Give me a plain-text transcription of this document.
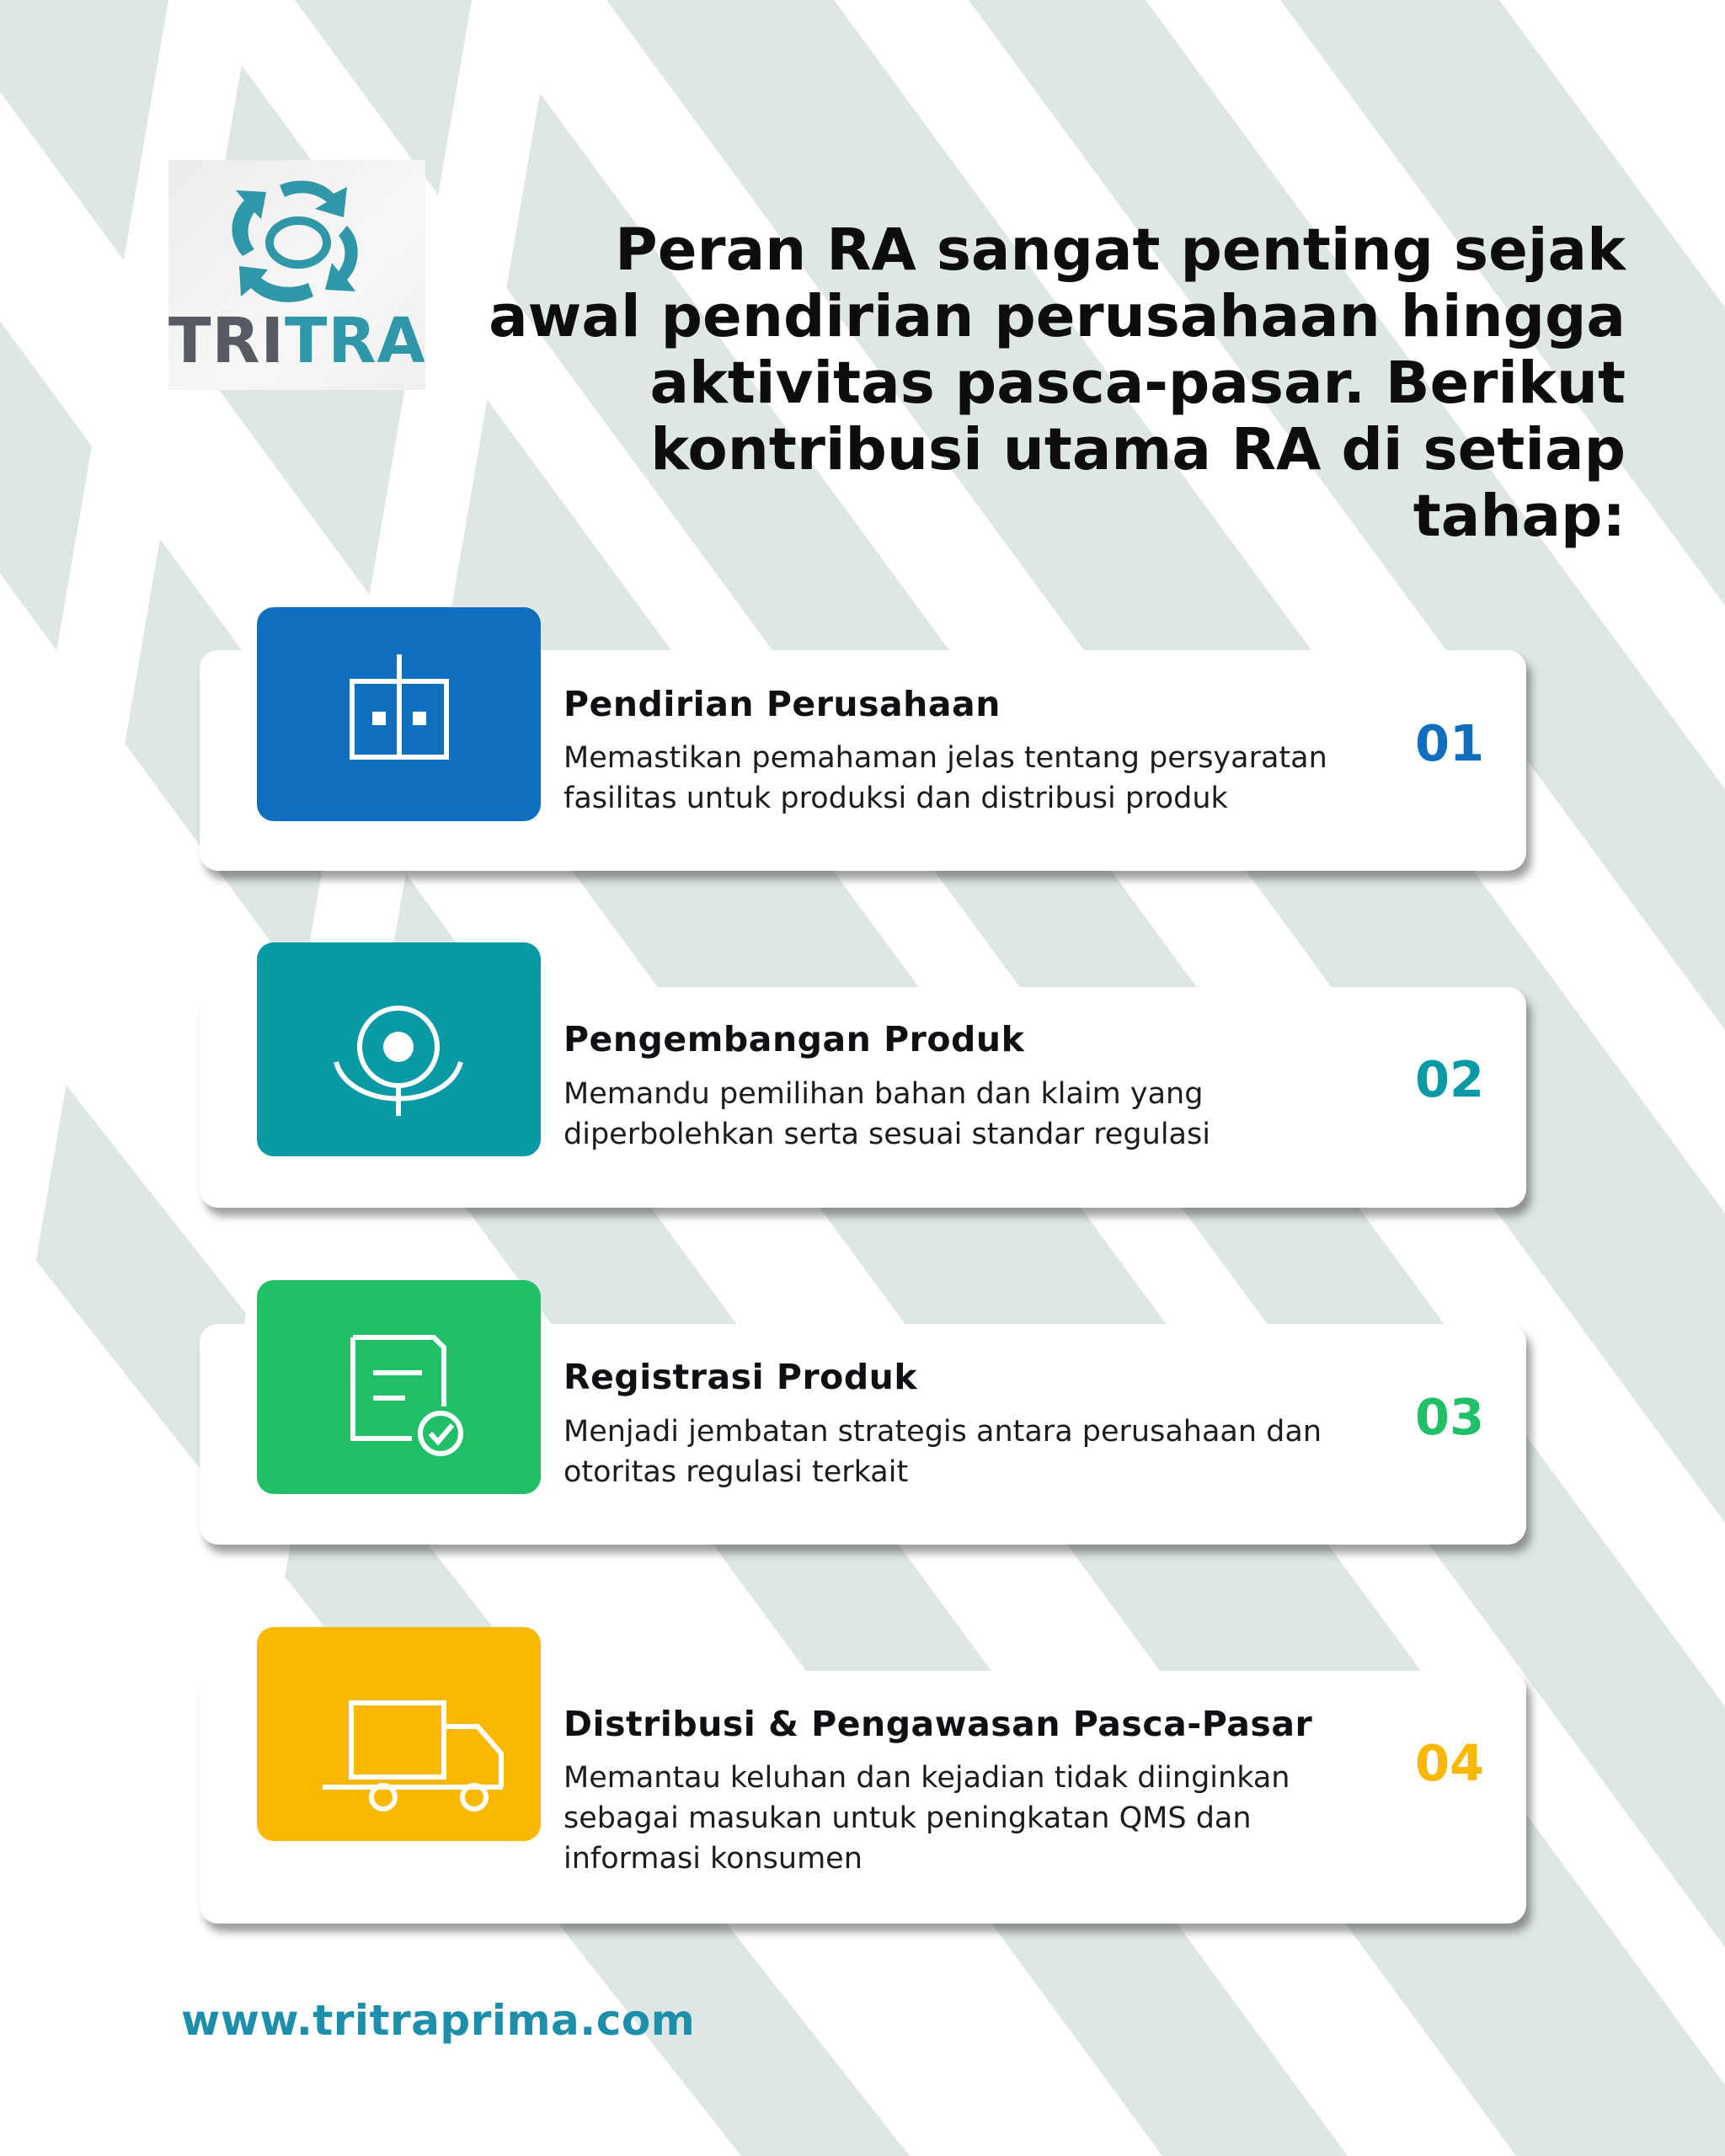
TRITRA
Peran RA sangat penting sejak awal pendirian perusahaan hingga aktivitas pasca-pasar. Berikut kontribusi utama RA di setiap tahap:
Pendirian Perusahaan
Memastikan pemahaman jelas tentang persyaratan fasilitas untuk produksi dan distribusi produk
01
Pengembangan Produk
Memandu pemilihan bahan dan klaim yang diperbolehkan serta sesuai standar regulasi
02
Registrasi Produk
Menjadi jembatan strategis antara perusahaan dan otoritas regulasi terkait
03
Distribusi & Pengawasan Pasca-Pasar
Memantau keluhan dan kejadian tidak diinginkan sebagai masukan untuk peningkatan QMS dan informasi konsumen
04
www.tritraprima.com
